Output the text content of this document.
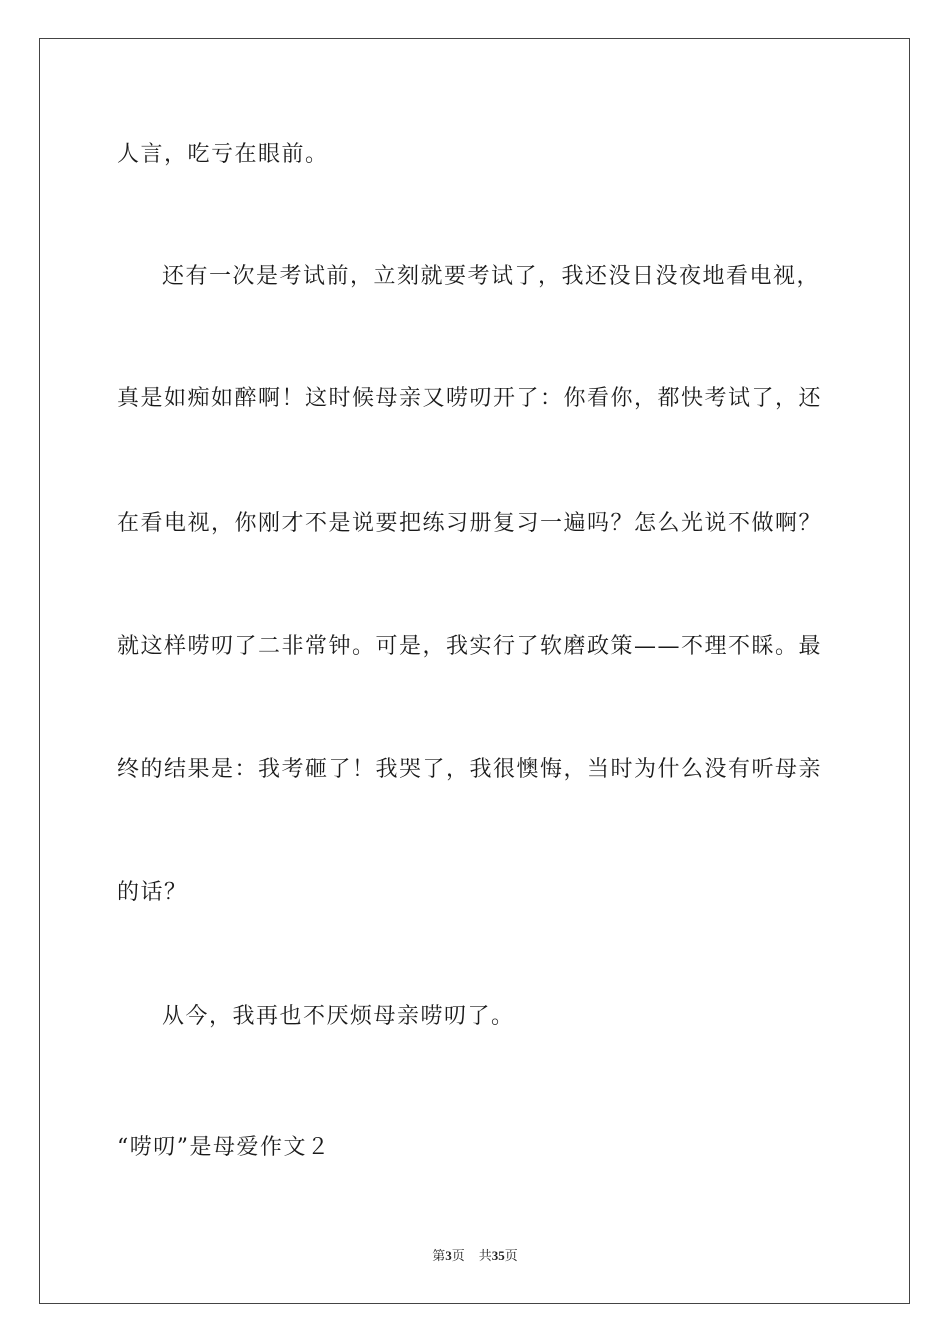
人言，吃亏在眼前。
还有一次是考试前，立刻就要考试了，我还没日没夜地看电视，
真是如痴如醉啊！这时候母亲又唠叨开了：你看你，都快考试了，还
在看电视，你刚才不是说要把练习册复习一遍吗？怎么光说不做啊？
就这样唠叨了二非常钟。可是，我实行了软磨政策——不理不睬。最
终的结果是：我考砸了！我哭了，我很懊悔，当时为什么没有听母亲
的话？
从今，我再也不厌烦母亲唠叨了。
“唠叨”是母爱作文２
第3页 共35页
